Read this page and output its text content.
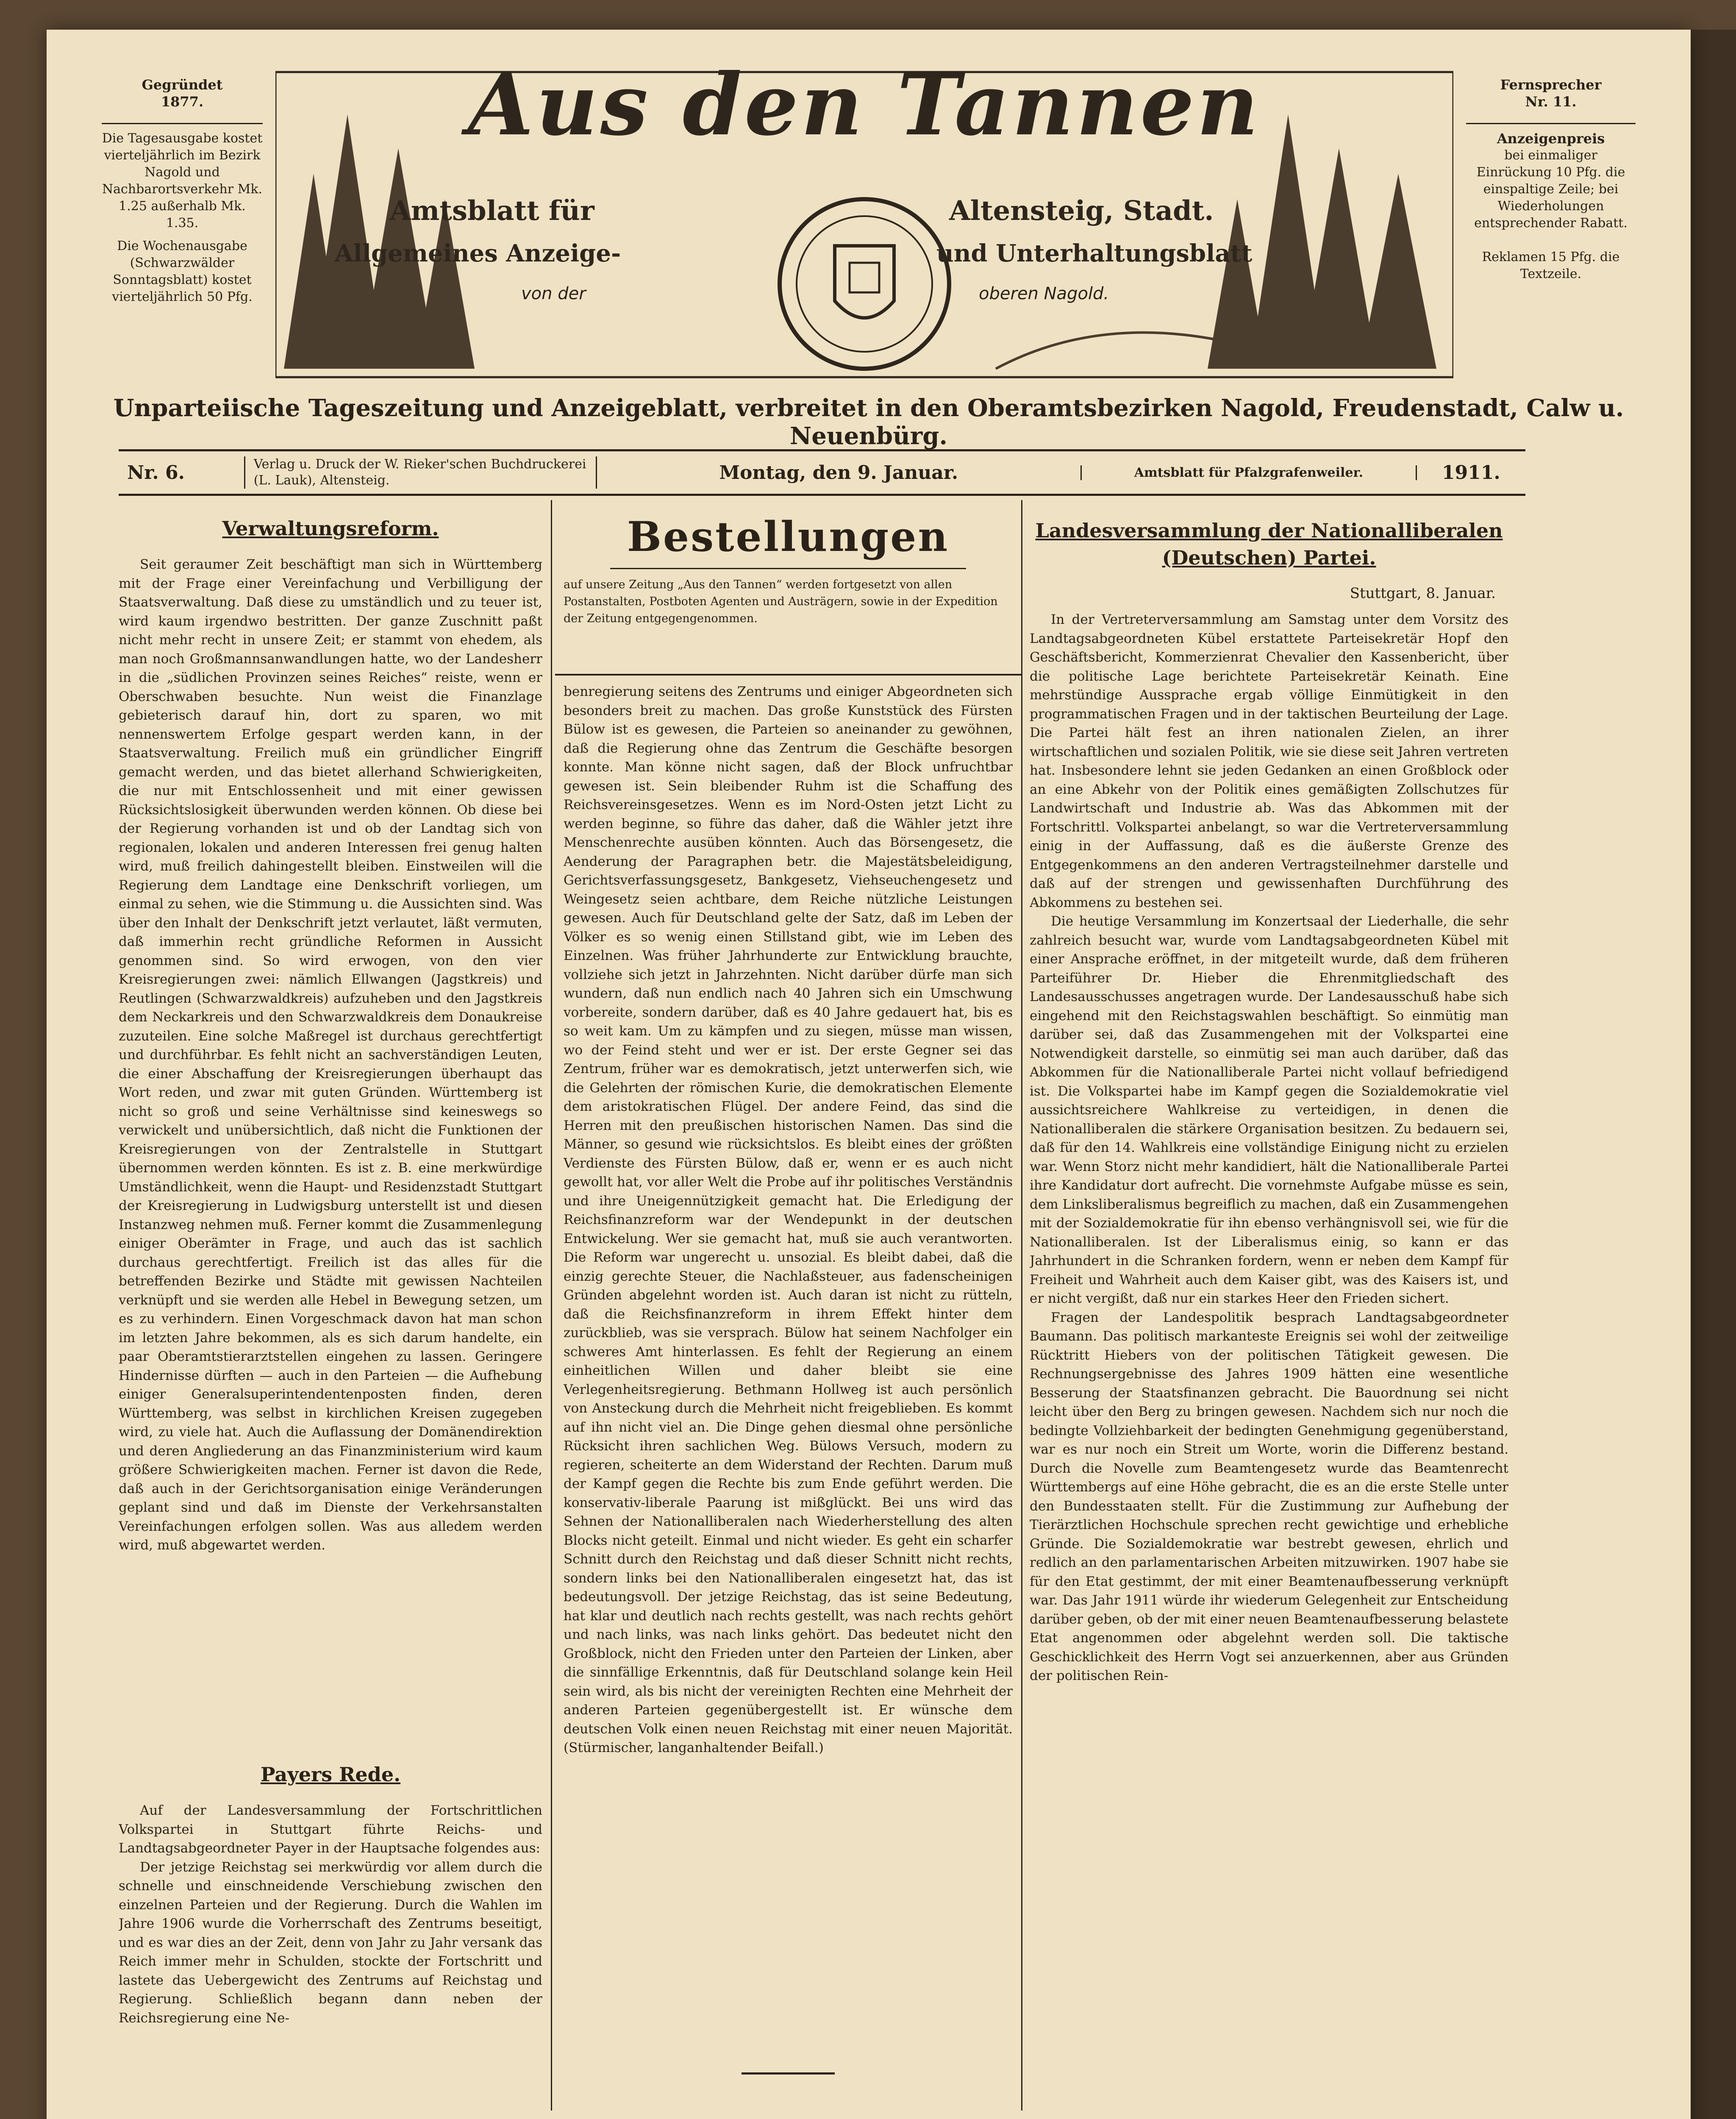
Gegründet
1877.
Die Tagesausgabe kostet vierteljährlich im Bezirk Nagold und Nachbarortsverkehr Mk. 1.25 außerhalb Mk. 1.35.
Die Wochenausgabe (Schwarzwälder Sonntagsblatt) kostet vierteljährlich 50 Pfg.
Fernsprecher
Nr. 11.
Anzeigenpreis
bei einmaliger Einrückung 10 Pfg. die einspaltige Zeile; bei Wiederholungen entsprechender Rabatt.
Reklamen 15 Pfg. die Textzeile.
Aus den Tannen
Amtsblatt für	Altensteig, Stadt.
Allgemeines Anzeige-	und Unterhaltungsblatt
von der	oberen Nagold.
Unparteiische Tageszeitung und Anzeigeblatt, verbreitet in den Oberamtsbezirken Nagold, Freudenstadt, Calw u. Neuenbürg.
Nr. 6.	Verlag u. Druck der W. Rieker'schen Buchdruckerei (L. Lauk), Altensteig.	Montag, den 9. Januar.	Amtsblatt für Pfalzgrafenweiler.	1911.
Verwaltungsreform.

Seit geraumer Zeit beschäftigt man sich in Württemberg mit der Frage einer Vereinfachung und Verbilligung der Staatsverwaltung. Daß diese zu umständlich und zu teuer ist, wird kaum irgendwo bestritten. Der ganze Zuschnitt paßt nicht mehr recht in unsere Zeit; er stammt von ehedem, als man noch Großmannsanwandlungen hatte, wo der Landesherr in die „südlichen Provinzen seines Reiches“ reiste, wenn er Oberschwaben besuchte. Nun weist die Finanzlage gebieterisch darauf hin, dort zu sparen, wo mit nennenswertem Erfolge gespart werden kann, in der Staatsverwaltung. Freilich muß ein gründlicher Eingriff gemacht werden, und das bietet allerhand Schwierigkeiten, die nur mit Entschlossenheit und mit einer gewissen Rücksichtslosigkeit überwunden werden können. Ob diese bei der Regierung vorhanden ist und ob der Landtag sich von regionalen, lokalen und anderen Interessen frei genug halten wird, muß freilich dahingestellt bleiben. Einstweilen will die Regierung dem Landtage eine Denkschrift vorliegen, um einmal zu sehen, wie die Stimmung u. die Aussichten sind. Was über den Inhalt der Denkschrift jetzt verlautet, läßt vermuten, daß immerhin recht gründliche Reformen in Aussicht genommen sind. So wird erwogen, von den vier Kreisregierungen zwei: nämlich Ellwangen (Jagstkreis) und Reutlingen (Schwarzwaldkreis) aufzuheben und den Jagstkreis dem Neckarkreis und den Schwarzwaldkreis dem Donaukreise zuzuteilen. Eine solche Maßregel ist durchaus gerechtfertigt und durchführbar. Es fehlt nicht an sachverständigen Leuten, die einer Abschaffung der Kreisregierungen überhaupt das Wort reden, und zwar mit guten Gründen. Württemberg ist nicht so groß und seine Verhältnisse sind keineswegs so verwickelt und unübersichtlich, daß nicht die Funktionen der Kreisregierungen von der Zentralstelle in Stuttgart übernommen werden könnten. Es ist z. B. eine merkwürdige Umständlichkeit, wenn die Haupt- und Residenzstadt Stuttgart der Kreisregierung in Ludwigsburg unterstellt ist und diesen Instanzweg nehmen muß. Ferner kommt die Zusammenlegung einiger Oberämter in Frage, und auch das ist sachlich durchaus gerechtfertigt. Freilich ist das alles für die betreffenden Bezirke und Städte mit gewissen Nachteilen verknüpft und sie werden alle Hebel in Bewegung setzen, um es zu verhindern. Einen Vorgeschmack davon hat man schon im letzten Jahre bekommen, als es sich darum handelte, ein paar Oberamtstierarztstellen eingehen zu lassen. Geringere Hindernisse dürften — auch in den Parteien — die Aufhebung einiger Generalsuperintendentenposten finden, deren Württemberg, was selbst in kirchlichen Kreisen zugegeben wird, zu viele hat. Auch die Auflassung der Domänendirektion und deren Angliederung an das Finanzministerium wird kaum größere Schwierigkeiten machen. Ferner ist davon die Rede, daß auch in der Gerichtsorganisation einige Veränderungen geplant sind und daß im Dienste der Verkehrsanstalten Vereinfachungen erfolgen sollen. Was aus alledem werden wird, muß abgewartet werden.

Payers Rede.

Auf der Landesversammlung der Fortschrittlichen Volkspartei in Stuttgart führte Reichs- und Landtagsabgeordneter Payer in der Hauptsache folgendes aus:

Der jetzige Reichstag sei merkwürdig vor allem durch die schnelle und einschneidende Verschiebung zwischen den einzelnen Parteien und der Regierung. Durch die Wahlen im Jahre 1906 wurde die Vorherrschaft des Zentrums beseitigt, und es war dies an der Zeit, denn von Jahr zu Jahr versank das Reich immer mehr in Schulden, stockte der Fortschritt und lastete das Uebergewicht des Zentrums auf Reichstag und Regierung. Schließlich begann dann neben der Reichsregierung eine Ne-

Bestellungen
auf unsere Zeitung „Aus den Tannen“ werden fortgesetzt von allen Postanstalten, Postboten Agenten und Austrägern, sowie in der Expedition der Zeitung entgegengenommen.

benregierung seitens des Zentrums und einiger Abgeordneten sich besonders breit zu machen. Das große Kunststück des Fürsten Bülow ist es gewesen, die Parteien so aneinander zu gewöhnen, daß die Regierung ohne das Zentrum die Geschäfte besorgen konnte. Man könne nicht sagen, daß der Block unfruchtbar gewesen ist. Sein bleibender Ruhm ist die Schaffung des Reichsvereinsgesetzes. Wenn es im Nord-Osten jetzt Licht zu werden beginne, so führe das daher, daß die Wähler jetzt ihre Menschenrechte ausüben könnten. Auch das Börsengesetz, die Aenderung der Paragraphen betr. die Majestätsbeleidigung, Gerichtsverfassungsgesetz, Bankgesetz, Viehseuchengesetz und Weingesetz seien achtbare, dem Reiche nützliche Leistungen gewesen. Auch für Deutschland gelte der Satz, daß im Leben der Völker es so wenig einen Stillstand gibt, wie im Leben des Einzelnen. Was früher Jahrhunderte zur Entwicklung brauchte, vollziehe sich jetzt in Jahrzehnten. Nicht darüber dürfe man sich wundern, daß nun endlich nach 40 Jahren sich ein Umschwung vorbereite, sondern darüber, daß es 40 Jahre gedauert hat, bis es so weit kam. Um zu kämpfen und zu siegen, müsse man wissen, wo der Feind steht und wer er ist. Der erste Gegner sei das Zentrum, früher war es demokratisch, jetzt unterwerfen sich, wie die Gelehrten der römischen Kurie, die demokratischen Elemente dem aristokratischen Flügel. Der andere Feind, das sind die Herren mit den preußischen historischen Namen. Das sind die Männer, so gesund wie rücksichtslos. Es bleibt eines der größten Verdienste des Fürsten Bülow, daß er, wenn er es auch nicht gewollt hat, vor aller Welt die Probe auf ihr politisches Verständnis und ihre Uneigennützigkeit gemacht hat. Die Erledigung der Reichsfinanzreform war der Wendepunkt in der deutschen Entwickelung. Wer sie gemacht hat, muß sie auch verantworten. Die Reform war ungerecht u. unsozial. Es bleibt dabei, daß die einzig gerechte Steuer, die Nachlaßsteuer, aus fadenscheinigen Gründen abgelehnt worden ist. Auch daran ist nicht zu rütteln, daß die Reichsfinanzreform in ihrem Effekt hinter dem zurückblieb, was sie versprach. Bülow hat seinem Nachfolger ein schweres Amt hinterlassen. Es fehlt der Regierung an einem einheitlichen Willen und daher bleibt sie eine Verlegenheitsregierung. Bethmann Hollweg ist auch persönlich von Ansteckung durch die Mehrheit nicht freigeblieben. Es kommt auf ihn nicht viel an. Die Dinge gehen diesmal ohne persönliche Rücksicht ihren sachlichen Weg. Bülows Versuch, modern zu regieren, scheiterte an dem Widerstand der Rechten. Darum muß der Kampf gegen die Rechte bis zum Ende geführt werden. Die konservativ-liberale Paarung ist mißglückt. Bei uns wird das Sehnen der Nationalliberalen nach Wiederherstellung des alten Blocks nicht geteilt. Einmal und nicht wieder. Es geht ein scharfer Schnitt durch den Reichstag und daß dieser Schnitt nicht rechts, sondern links bei den Nationalliberalen eingesetzt hat, das ist bedeutungsvoll. Der jetzige Reichstag, das ist seine Bedeutung, hat klar und deutlich nach rechts gestellt, was nach rechts gehört und nach links, was nach links gehört. Das bedeutet nicht den Großblock, nicht den Frieden unter den Parteien der Linken, aber die sinnfällige Erkenntnis, daß für Deutschland solange kein Heil sein wird, als bis nicht der vereinigten Rechten eine Mehrheit der anderen Parteien gegenübergestellt ist. Er wünsche dem deutschen Volk einen neuen Reichstag mit einer neuen Majorität. (Stürmischer, langanhaltender Beifall.)

Landesversammlung der Nationalliberalen (Deutschen) Partei.
Stuttgart, 8. Januar.

In der Vertreterversammlung am Samstag unter dem Vorsitz des Landtagsabgeordneten Kübel erstattete Parteisekretär Hopf den Geschäftsbericht, Kommerzienrat Chevalier den Kassenbericht, über die politische Lage berichtete Parteisekretär Keinath. Eine mehrstündige Aussprache ergab völlige Einmütigkeit in den programmatischen Fragen und in der taktischen Beurteilung der Lage. Die Partei hält fest an ihren nationalen Zielen, an ihrer wirtschaftlichen und sozialen Politik, wie sie diese seit Jahren vertreten hat. Insbesondere lehnt sie jeden Gedanken an einen Großblock oder an eine Abkehr von der Politik eines gemäßigten Zollschutzes für Landwirtschaft und Industrie ab. Was das Abkommen mit der Fortschrittl. Volkspartei anbelangt, so war die Vertreterversammlung einig in der Auffassung, daß es die äußerste Grenze des Entgegenkommens an den anderen Vertragsteilnehmer darstelle und daß auf der strengen und gewissenhaften Durchführung des Abkommens zu bestehen sei.

Die heutige Versammlung im Konzertsaal der Liederhalle, die sehr zahlreich besucht war, wurde vom Landtagsabgeordneten Kübel mit einer Ansprache eröffnet, in der mitgeteilt wurde, daß dem früheren Parteiführer Dr. Hieber die Ehrenmitgliedschaft des Landesausschusses angetragen wurde. Der Landesausschuß habe sich eingehend mit den Reichstagswahlen beschäftigt. So einmütig man darüber sei, daß das Zusammengehen mit der Volkspartei eine Notwendigkeit darstelle, so einmütig sei man auch darüber, daß das Abkommen für die Nationalliberale Partei nicht vollauf befriedigend ist. Die Volkspartei habe im Kampf gegen die Sozialdemokratie viel aussichtsreichere Wahlkreise zu verteidigen, in denen die Nationalliberalen die stärkere Organisation besitzen. Zu bedauern sei, daß für den 14. Wahlkreis eine vollständige Einigung nicht zu erzielen war. Wenn Storz nicht mehr kandidiert, hält die Nationalliberale Partei ihre Kandidatur dort aufrecht. Die vornehmste Aufgabe müsse es sein, dem Linksliberalismus begreiflich zu machen, daß ein Zusammengehen mit der Sozialdemokratie für ihn ebenso verhängnisvoll sei, wie für die Nationalliberalen. Ist der Liberalismus einig, so kann er das Jahrhundert in die Schranken fordern, wenn er neben dem Kampf für Freiheit und Wahrheit auch dem Kaiser gibt, was des Kaisers ist, und er nicht vergißt, daß nur ein starkes Heer den Frieden sichert.

Fragen der Landespolitik besprach Landtagsabgeordneter Baumann. Das politisch markanteste Ereignis sei wohl der zeitweilige Rücktritt Hiebers von der politischen Tätigkeit gewesen. Die Rechnungsergebnisse des Jahres 1909 hätten eine wesentliche Besserung der Staatsfinanzen gebracht. Die Bauordnung sei nicht leicht über den Berg zu bringen gewesen. Nachdem sich nur noch die bedingte Vollziehbarkeit der bedingten Genehmigung gegenüberstand, war es nur noch ein Streit um Worte, worin die Differenz bestand. Durch die Novelle zum Beamtengesetz wurde das Beamtenrecht Württembergs auf eine Höhe gebracht, die es an die erste Stelle unter den Bundesstaaten stellt. Für die Zustimmung zur Aufhebung der Tierärztlichen Hochschule sprechen recht gewichtige und erhebliche Gründe. Die Sozialdemokratie war bestrebt gewesen, ehrlich und redlich an den parlamentarischen Arbeiten mitzuwirken. 1907 habe sie für den Etat gestimmt, der mit einer Beamtenaufbesserung verknüpft war. Das Jahr 1911 würde ihr wiederum Gelegenheit zur Entscheidung darüber geben, ob der mit einer neuen Beamtenaufbesserung belastete Etat angenommen oder abgelehnt werden soll. Die taktische Geschicklichkeit des Herrn Vogt sei anzuerkennen, aber aus Gründen der politischen Rein-
